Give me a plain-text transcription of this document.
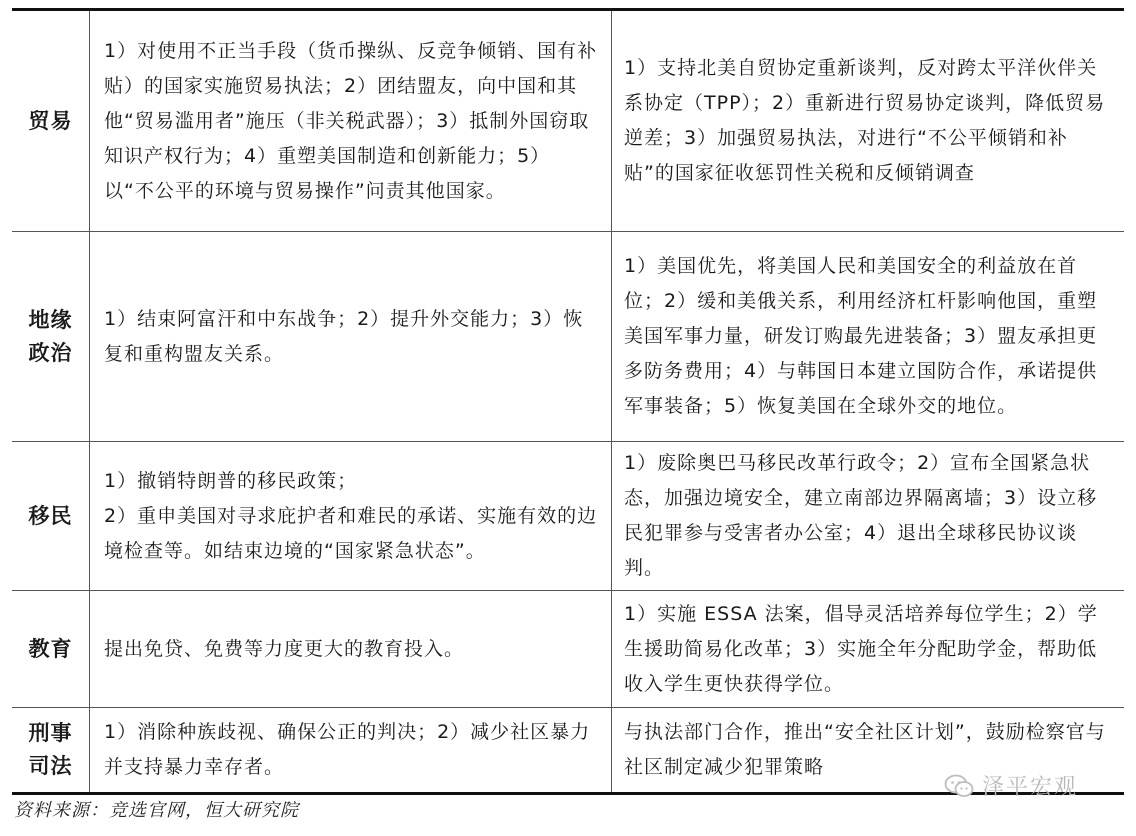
贸易
1）对使用不正当手段（货币操纵、反竞争倾销、国有补贴）的国家实施贸易执法；2）团结盟友，向中国和其他“贸易滥用者”施压（非关税武器）；3）抵制外国窃取知识产权行为；4）重塑美国制造和创新能力；5）以“不公平的环境与贸易操作”问责其他国家。
1）支持北美自贸协定重新谈判，反对跨太平洋伙伴关系协定（TPP）；2）重新进行贸易协定谈判，降低贸易逆差；3）加强贸易执法，对进行“不公平倾销和补贴”的国家征收惩罚性关税和反倾销调查
地缘
政治
1）结束阿富汗和中东战争；2）提升外交能力；3）恢复和重构盟友关系。
1）美国优先，将美国人民和美国安全的利益放在首位；2）缓和美俄关系，利用经济杠杆影响他国，重塑美国军事力量，研发订购最先进装备；3）盟友承担更多防务费用；4）与韩国日本建立国防合作，承诺提供军事装备；5）恢复美国在全球外交的地位。
移民
1）撤销特朗普的移民政策；
2）重申美国对寻求庇护者和难民的承诺、实施有效的边境检查等。如结束边境的“国家紧急状态”。
1）废除奥巴马移民改革行政令；2）宣布全国紧急状态，加强边境安全，建立南部边界隔离墙；3）设立移民犯罪参与受害者办公室；4）退出全球移民协议谈判。
教育	提出免贷、免费等力度更大的教育投入。
1）实施 ESSA 法案，倡导灵活培养每位学生；2）学生援助简易化改革；3）实施全年分配助学金，帮助低收入学生更快获得学位。
刑事
司法
1）消除种族歧视、确保公正的判决；2）减少社区暴力并支持暴力幸存者。
与执法部门合作，推出“安全社区计划”，鼓励检察官与社区制定减少犯罪策略
资料来源：竞选官网，恒大研究院
泽平宏观
